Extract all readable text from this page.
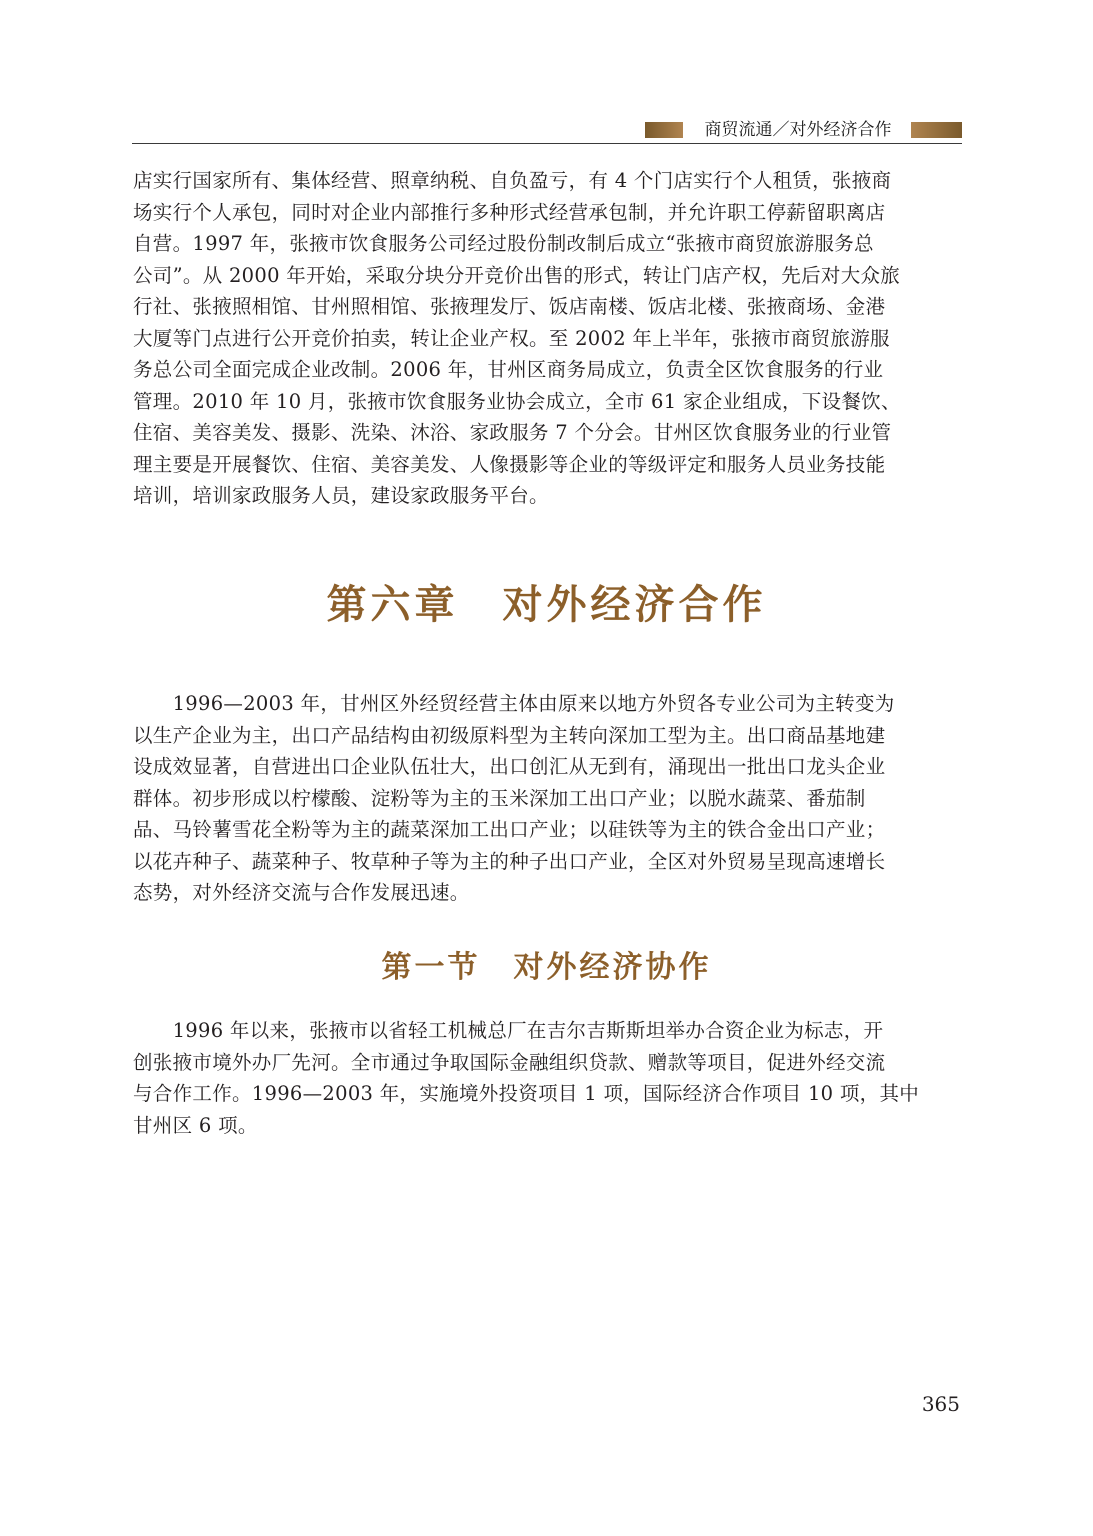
商贸流通／对外经济合作
店实行国家所有、集体经营、照章纳税、自负盈亏，有 4 个门店实行个人租赁，张掖商
场实行个人承包，同时对企业内部推行多种形式经营承包制，并允许职工停薪留职离店
自营。1997 年，张掖市饮食服务公司经过股份制改制后成立“张掖市商贸旅游服务总
公司”。从 2000 年开始，采取分块分开竞价出售的形式，转让门店产权，先后对大众旅
行社、张掖照相馆、甘州照相馆、张掖理发厅、饭店南楼、饭店北楼、张掖商场、金港
大厦等门点进行公开竞价拍卖，转让企业产权。至 2002 年上半年，张掖市商贸旅游服
务总公司全面完成企业改制。2006 年，甘州区商务局成立，负责全区饮食服务的行业
管理。2010 年 10 月，张掖市饮食服务业协会成立，全市 61 家企业组成，下设餐饮、
住宿、美容美发、摄影、洗染、沐浴、家政服务 7 个分会。甘州区饮食服务业的行业管
理主要是开展餐饮、住宿、美容美发、人像摄影等企业的等级评定和服务人员业务技能
培训，培训家政服务人员，建设家政服务平台。
第六章　对外经济合作
　　1996—2003 年，甘州区外经贸经营主体由原来以地方外贸各专业公司为主转变为
以生产企业为主，出口产品结构由初级原料型为主转向深加工型为主。出口商品基地建
设成效显著，自营进出口企业队伍壮大，出口创汇从无到有，涌现出一批出口龙头企业
群体。初步形成以柠檬酸、淀粉等为主的玉米深加工出口产业；以脱水蔬菜、番茄制
品、马铃薯雪花全粉等为主的蔬菜深加工出口产业；以硅铁等为主的铁合金出口产业；
以花卉种子、蔬菜种子、牧草种子等为主的种子出口产业，全区对外贸易呈现高速增长
态势，对外经济交流与合作发展迅速。
第一节　对外经济协作
　　1996 年以来，张掖市以省轻工机械总厂在吉尔吉斯斯坦举办合资企业为标志，开
创张掖市境外办厂先河。全市通过争取国际金融组织贷款、赠款等项目，促进外经交流
与合作工作。1996—2003 年，实施境外投资项目 1 项，国际经济合作项目 10 项，其中
甘州区 6 项。
365
